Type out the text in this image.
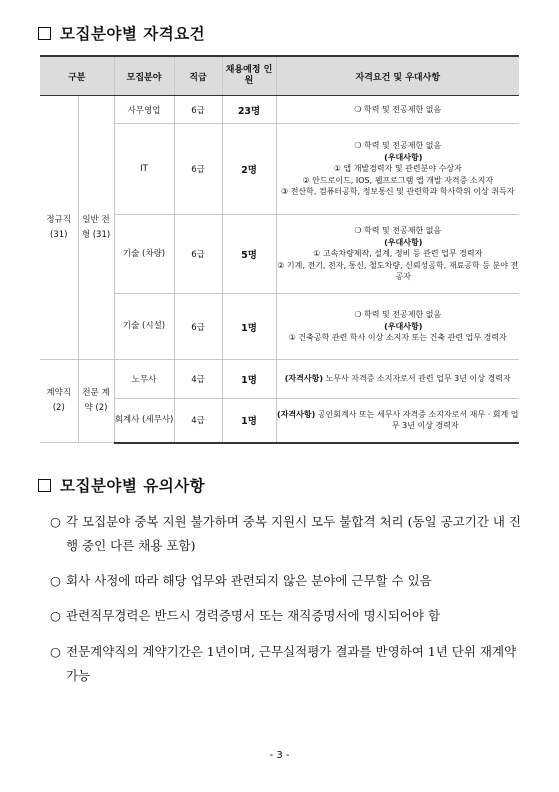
모집분야별 자격요건
구분		모집분야	직급	채용예정 인원	자격요건 및 우대사항
정규직 (31)	일반 전형 (31)	사무영업	6급	23명	❍ 학력 및 전공제한 없음
		IT	6급	2명	❍ 학력 및 전공제한 없음
(우대사항)
① 앱 개발경력자 및 관련분야 수상자
② 안드로이드, IOS, 웹프로그램 앱 개발 자격증 소지자
③ 전산학, 컴퓨터공학, 정보통신 및 관련학과 학사학위 이상 취득자

		기술 (차량)	6급	5명	❍ 학력 및 전공제한 없음
(우대사항)
① 고속차량제작, 설계, 정비 등 관련 업무 경력자
② 기계, 전기, 전자, 통신, 철도차량, 신뢰성공학, 재료공학 등 분야 전공자

		기술 (시설)	6급	1명	❍ 학력 및 전공제한 없음
(우대사항)
① 건축공학 관련 학사 이상 소지자 또는 건축 관련 업무 경력자

계약직 (2)	전문 계약 (2)	노무사	4급	1명	(자격사항) 노무사 자격증 소지자로서 관련 업무 3년 이상 경력자

		회계사 (세무사)	4급	1명	(자격사항) 공인회계사 또는 세무사 자격증 소지자로서 재무 · 회계 업무 3년 이상 경력자
모집분야별 유의사항
○ 각 모집분야 중복 지원 불가하며 중복 지원시 모두 불합격 처리 (동일 공고기간 내 진행 중인 다른 채용 포함)
○ 회사 사정에 따라 해당 업무와 관련되지 않은 분야에 근무할 수 있음
○ 관련직무경력은 반드시 경력증명서 또는 재직증명서에 명시되어야 함
○ 전문계약직의 계약기간은 1년이며, 근무실적평가 결과를 반영하여 1년 단위 재계약 가능
- 3 -
